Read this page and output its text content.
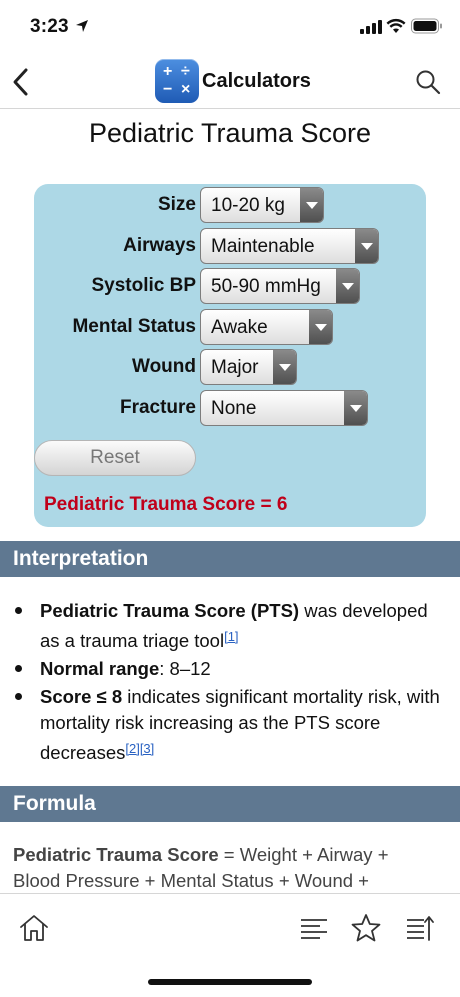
3:23
+ ÷
− × Calculators
Pediatric Trauma Score
Size 10-20 kg
Airways Maintenable
Systolic BP 50-90 mmHg
Mental Status Awake
Wound Major
Fracture None
Reset
Pediatric Trauma Score = 6
Interpretation
Pediatric Trauma Score (PTS) was developed as a trauma triage tool[1]
Normal range: 8–12
Score ≤ 8 indicates significant mortality risk, with mortality risk increasing as the PTS score decreases[2][3]
Formula
Pediatric Trauma Score = Weight + Airway + Blood Pressure + Mental Status + Wound +
